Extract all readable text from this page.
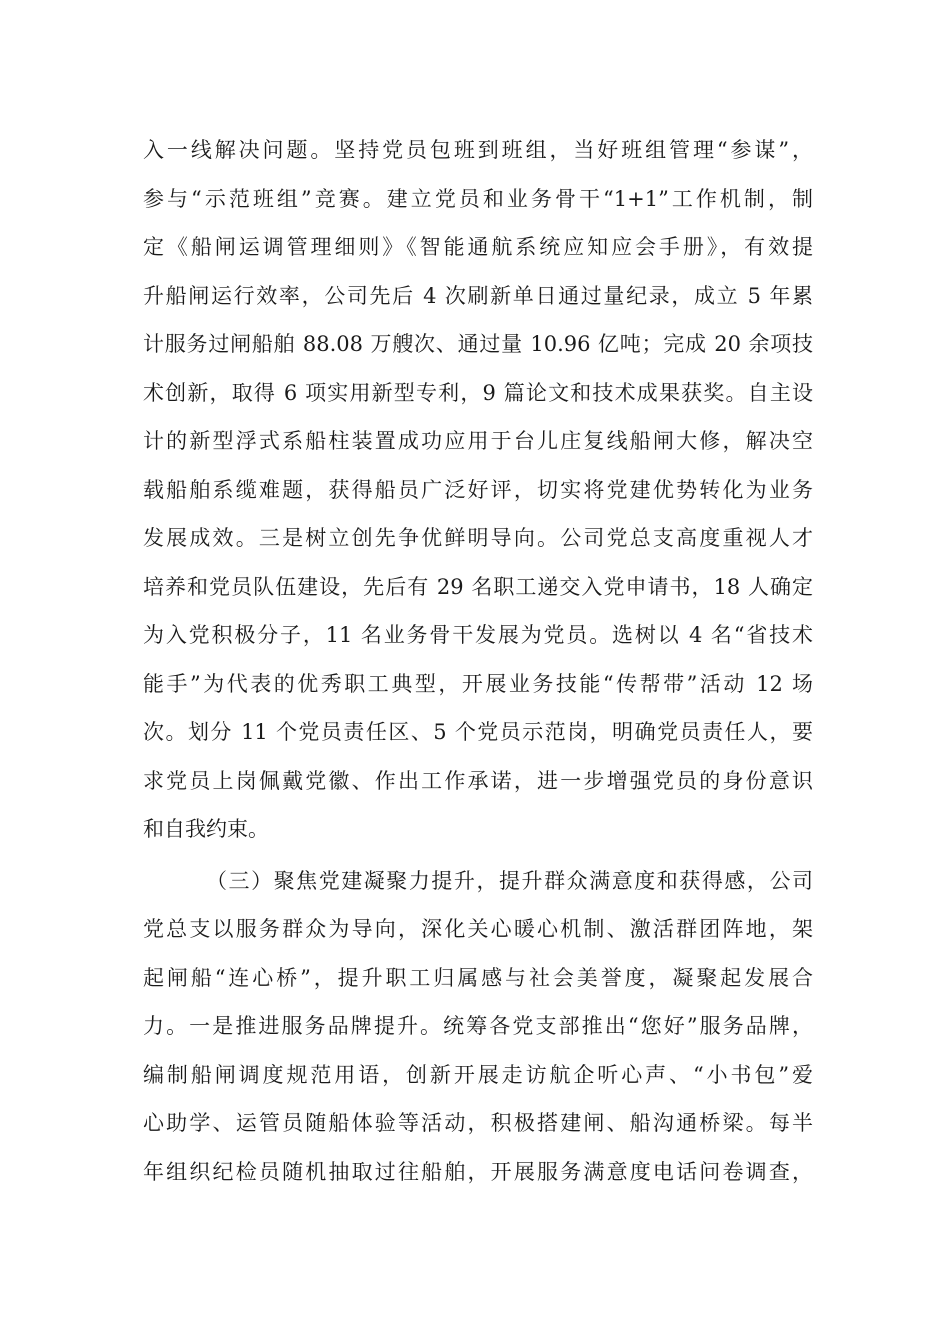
入一线解决问题。坚持党员包班到班组，当好班组管理“参谋”，
参与“示范班组”竞赛。建立党员和业务骨干“1+1”工作机制，制
定《船闸运调管理细则》《智能通航系统应知应会手册》，有效提
升船闸运行效率，公司先后 4 次刷新单日通过量纪录，成立 5 年累
计服务过闸船舶 88.08 万艘次、通过量 10.96 亿吨；完成 20 余项技
术创新，取得 6 项实用新型专利，9 篇论文和技术成果获奖。自主设
计的新型浮式系船柱装置成功应用于台儿庄复线船闸大修，解决空
载船舶系缆难题，获得船员广泛好评，切实将党建优势转化为业务
发展成效。三是树立创先争优鲜明导向。公司党总支高度重视人才
培养和党员队伍建设，先后有 29 名职工递交入党申请书，18 人确定
为入党积极分子，11 名业务骨干发展为党员。选树以 4 名“省技术
能手”为代表的优秀职工典型，开展业务技能“传帮带”活动 12 场
次。划分 11 个党员责任区、5 个党员示范岗，明确党员责任人，要
求党员上岗佩戴党徽、作出工作承诺，进一步增强党员的身份意识
和自我约束。
（三）聚焦党建凝聚力提升，提升群众满意度和获得感，公司
党总支以服务群众为导向，深化关心暖心机制、激活群团阵地，架
起闸船“连心桥”，提升职工归属感与社会美誉度，凝聚起发展合
力。一是推进服务品牌提升。统筹各党支部推出“您好”服务品牌，
编制船闸调度规范用语，创新开展走访航企听心声、“小书包”爱
心助学、运管员随船体验等活动，积极搭建闸、船沟通桥梁。每半
年组织纪检员随机抽取过往船舶，开展服务满意度电话问卷调查，
